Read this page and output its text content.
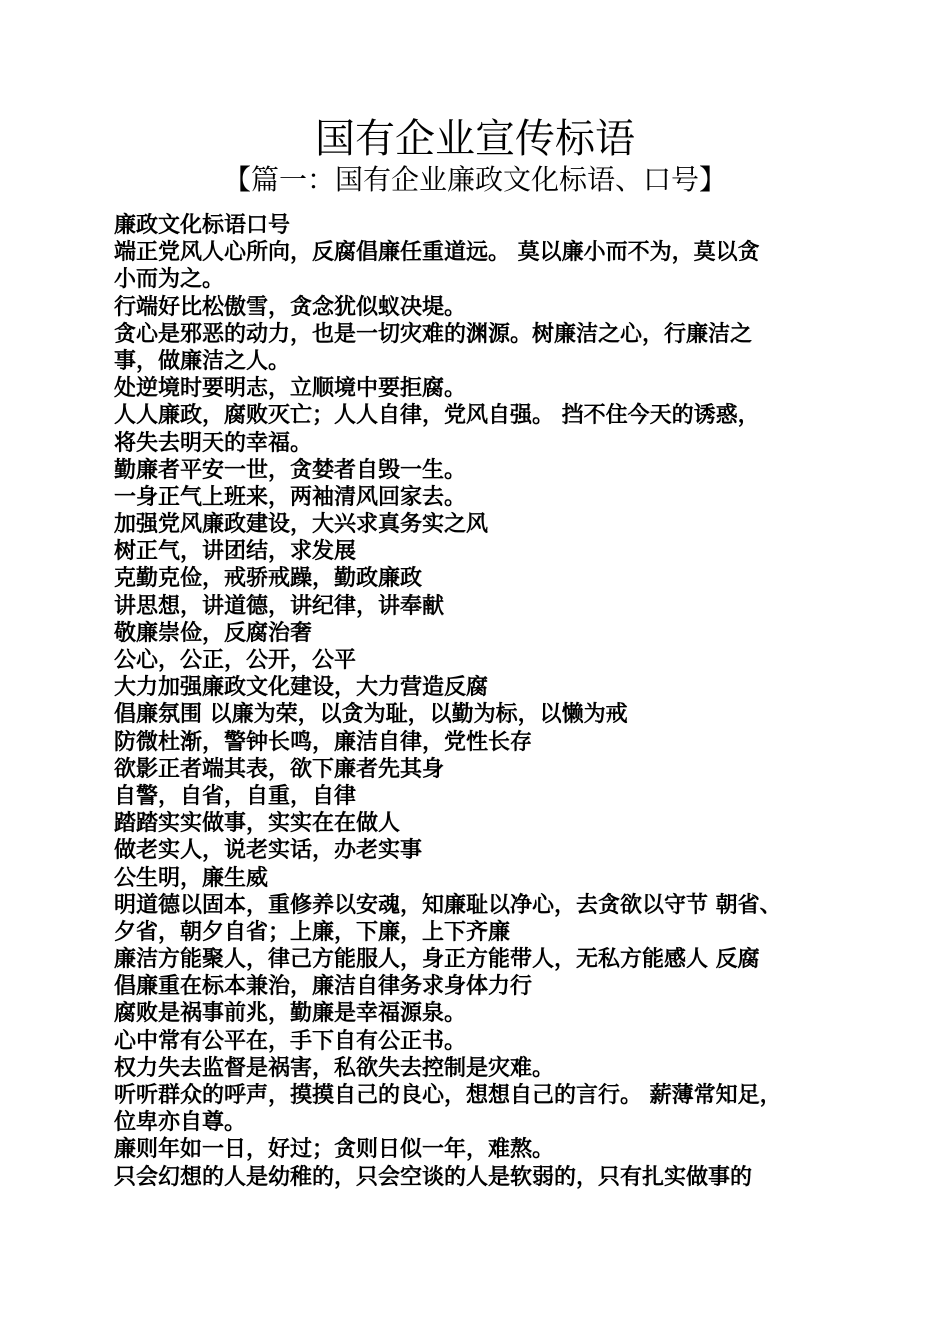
国有企业宣传标语
【篇一：国有企业廉政文化标语、口号】
廉政文化标语口号
端正党风人心所向，反腐倡廉任重道远。 莫以廉小而不为，莫以贪
小而为之。
行端好比松傲雪，贪念犹似蚁决堤。
贪心是邪恶的动力，也是一切灾难的渊源。树廉洁之心，行廉洁之
事，做廉洁之人。
处逆境时要明志，立顺境中要拒腐。
人人廉政，腐败灭亡；人人自律，党风自强。 挡不住今天的诱惑，
将失去明天的幸福。
勤廉者平安一世，贪婪者自毁一生。
一身正气上班来，两袖清风回家去。
加强党风廉政建设，大兴求真务实之风
树正气，讲团结，求发展
克勤克俭，戒骄戒躁，勤政廉政
讲思想，讲道德，讲纪律，讲奉献
敬廉崇俭，反腐治奢
公心，公正，公开，公平
大力加强廉政文化建设，大力营造反腐
倡廉氛围 以廉为荣，以贪为耻，以勤为标，以懒为戒
防微杜渐，警钟长鸣，廉洁自律，党性长存
欲影正者端其表，欲下廉者先其身
自警，自省，自重，自律
踏踏实实做事，实实在在做人
做老实人，说老实话，办老实事
公生明，廉生威
明道德以固本，重修养以安魂，知廉耻以净心，去贪欲以守节 朝省、
夕省，朝夕自省；上廉，下廉，上下齐廉
廉洁方能聚人，律己方能服人，身正方能带人，无私方能感人 反腐
倡廉重在标本兼治，廉洁自律务求身体力行
腐败是祸事前兆，勤廉是幸福源泉。
心中常有公平在，手下自有公正书。
权力失去监督是祸害，私欲失去控制是灾难。
听听群众的呼声，摸摸自己的良心，想想自己的言行。 薪薄常知足，
位卑亦自尊。
廉则年如一日，好过；贪则日似一年，难熬。
只会幻想的人是幼稚的，只会空谈的人是软弱的，只有扎实做事的
